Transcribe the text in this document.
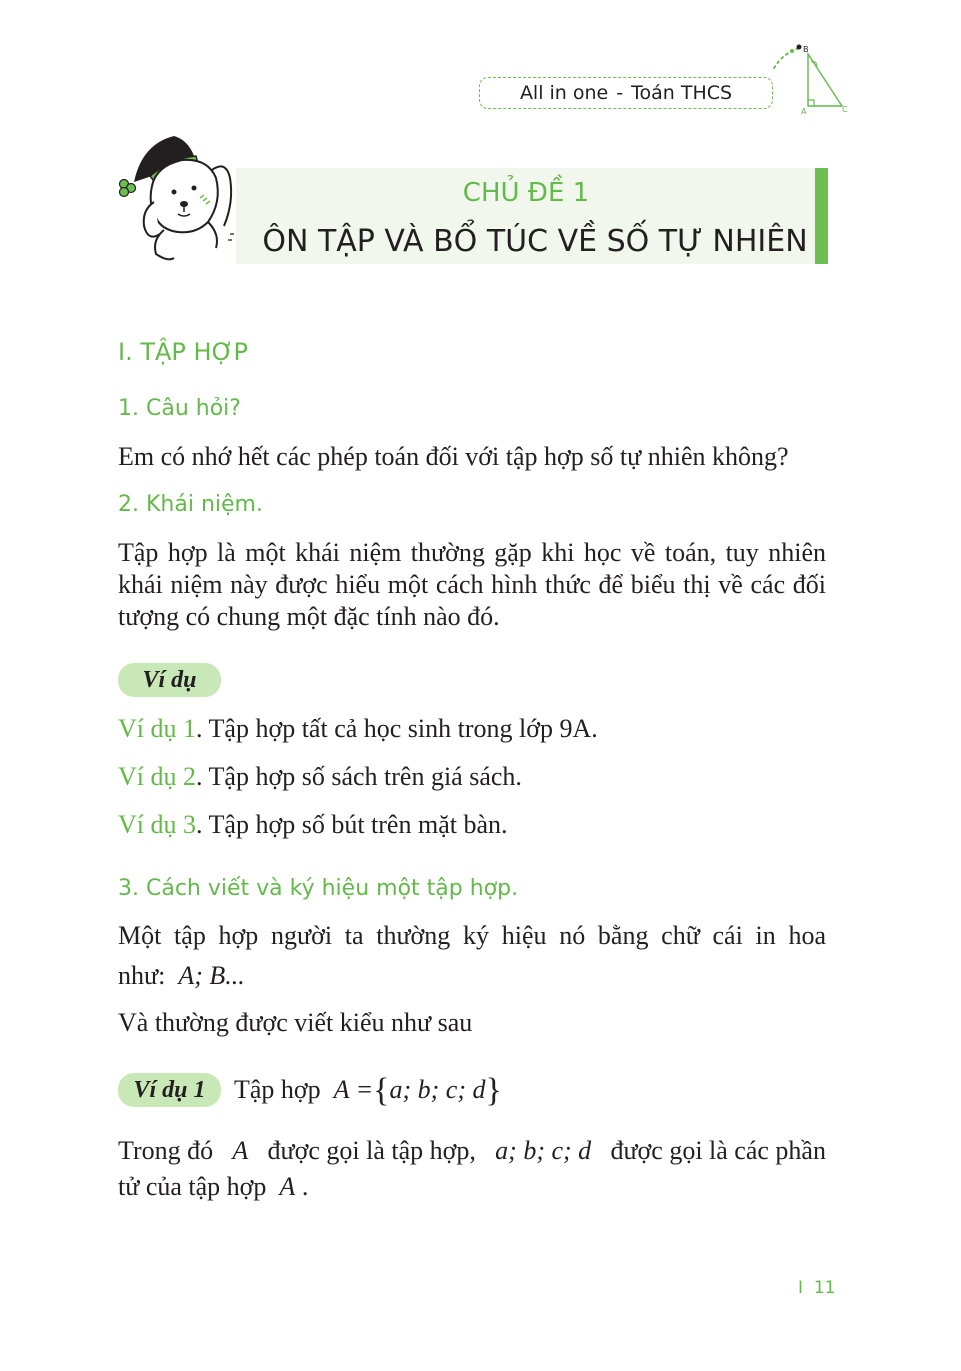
All in one - Toán THCS
B
A	C
CHỦ ĐỀ 1
ÔN TẬP VÀ BỔ TÚC VỀ SỐ TỰ NHIÊN
I. TẬP HỢP
1. Câu hỏi?
Em có nhớ hết các phép toán đối với tập hợp số tự nhiên không?
2. Khái niệm.
Tập hợp là một khái niệm thường gặp khi học về toán, tuy nhiên khái niệm này được hiểu một cách hình thức để biểu thị về các đối tượng có chung một đặc tính nào đó.
Ví dụ
Ví dụ 1. Tập hợp tất cả học sinh trong lớp 9A.
Ví dụ 2. Tập hợp số sách trên giá sách.
Ví dụ 3. Tập hợp số bút trên mặt bàn.
3. Cách viết và ký hiệu một tập hợp.
Một tập hợp người ta thường ký hiệu nó bằng chữ cái in hoa
như: A; B...
Và thường được viết kiểu như sau
Ví dụ 1	Tập hợp A ={a; b; c; d}
Trong đó A được gọi là tập hợp, a; b; c; d được gọi là các phần
tử của tập hợp A .
I 11
